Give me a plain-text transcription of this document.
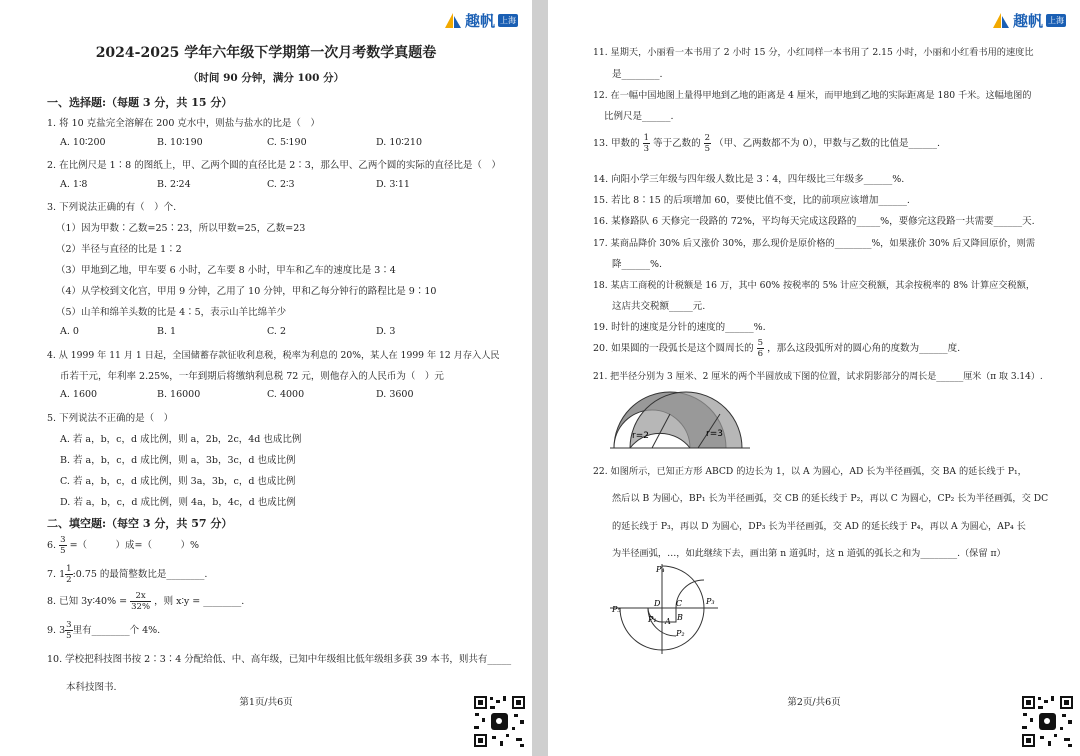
趣帆 上海
2024-2025 学年六年级下学期第一次月考数学真题卷
（时间 90 分钟，满分 100 分）
一、选择题:（每题 3 分，共 15 分）
1. 将 10 克盐完全溶解在 200 克水中，则盐与盐水的比是（　）
A. 10∶200	B. 10∶190	C. 5∶190	D. 10∶210
2. 在比例尺是 1∶8 的图纸上，甲、乙两个圆的直径比是 2∶3，那么甲、乙两个圆的实际的直径比是（　）
A. 1∶8	B. 2∶24	C. 2∶3	D. 3∶11
3. 下列说法正确的有（　）个.
（1）因为甲数∶乙数=25∶23，所以甲数=25，乙数=23
（2）半径与直径的比是 1∶2
（3）甲地到乙地，甲车要 6 小时，乙车要 8 小时，甲车和乙车的速度比是 3∶4
（4）从学校到文化宫，甲用 9 分钟，乙用了 10 分钟，甲和乙每分钟行的路程比是 9∶10
（5）山羊和绵羊头数的比是 4∶5，表示山羊比绵羊少
A. 0	B. 1	C. 2	D. 3
4. 从 1999 年 11 月 1 日起，全国储蓄存款征收利息税，税率为利息的 20%，某人在 1999 年 12 月存入人民
币若干元，年利率 2.25%，一年到期后将缴纳利息税 72 元，则他存入的人民币为（　）元
A. 1600	B. 16000	C. 4000	D. 3600
5. 下列说法不正确的是（　）
A. 若 a，b，c，d 成比例，则 a，2b，2c，4d 也成比例
B. 若 a，b，c，d 成比例，则 a，3b，3c，d 也成比例
C. 若 a，b，c，d 成比例，则 3a，3b，c，d 也成比例
D. 若 a，b，c，d 成比例，则 4a，b，4c，d 也成比例
二、填空题:（每空 3 分，共 57 分）
6. $\frac{3}{5}$ =（　　　）成=（　　　）%
7. $1 \frac{1}{2}$ :0.75 的最简整数比是________.
8. 已知 3y∶40% = $\frac{2x}{32\%}$ ，则 x∶y = ________.
9. $3 \frac{3}{5}$ 里有________个 4%.
10. 学校把科技图书按 2∶3∶4 分配给低、中、高年级，已知中年级组比低年级组多获 39 本书，则共有_____
本科技图书.
第1页/共6页
趣帆 上海
11. 星期天，小丽看一本书用了 2 小时 15 分，小红同样一本书用了 2.15 小时，小丽和小红看书用的速度比
是________.
12. 在一幅中国地图上量得甲地到乙地的距离是 4 厘米，而甲地到乙地的实际距离是 180 千米。这幅地图的
比例尺是______.
13. 甲数的 $\frac{1}{3}$ 等于乙数的 $\frac{2}{5}$ （甲、乙两数都不为 0），甲数与乙数的比值是______.
14. 向阳小学三年级与四年级人数比是 3∶4，四年级比三年级多______%.
15. 若比 8∶15 的后项增加 60，要使比值不变，比的前项应该增加______.
16. 某修路队 6 天修完一段路的 72%，平均每天完成这段路的_____%，要修完这段路一共需要______天.
17. 某商品降价 30% 后又涨价 30%，那么现价是原价格的________%，如果涨价 30% 后又降回原价，则需
降______%.
18. 某店工商税的计税额是 16 万，其中 60% 按税率的 5% 计应交税额，其余按税率的 8% 计算应交税额，
这店共交税额_____元.
19. 时针的速度是分针的速度的______%.
20. 如果圆的一段弧长是这个圆周长的 $\frac{5}{6}$ ，那么这段弧所对的圆心角的度数为______度.
21. 把半径分别为 3 厘米、2 厘米的两个半圆放成下图的位置，试求阴影部分的周长是______厘米（π 取 3.14）.
r=2	r=3
22. 如图所示，已知正方形 ABCD 的边长为 1，以 A 为圆心，AD 长为半径画弧，交 BA 的延长线于 P₁，
然后以 B 为圆心，BP₁ 长为半径画弧，交 CB 的延长线于 P₂，再以 C 为圆心，CP₂ 长为半径画弧，交 DC
的延长线于 P₃，再以 D 为圆心，DP₃ 长为半径画弧，交 AD 的延长线于 P₄，再以 A 为圆心，AP₄ 长
为半径画弧，…，如此继续下去，画出第 n 道弧时，这 n 道弧的弧长之和为________.（保留 π）
P₄
P₃
P₅
P₁
P₂
A B
C
D
第2页/共6页
